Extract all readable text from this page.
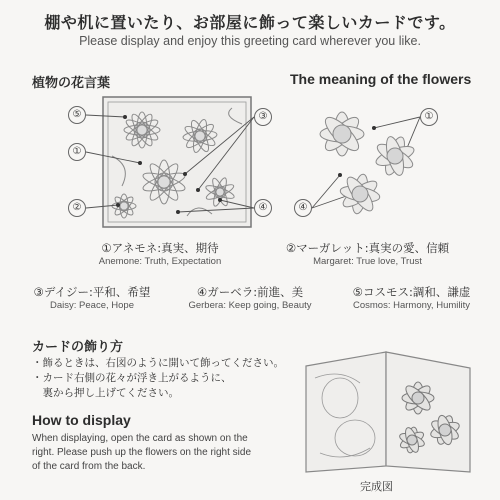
棚や机に置いたり、お部屋に飾って楽しいカードです。
Please display and enjoy this greeting card wherever you like.
植物の花言葉	The meaning of the flowers
⑤
①
②
③
④
①
④
①アネモネ:真実、期待
Anemone: Truth, Expectation
②マーガレット:真実の愛、信頼
Margaret: True love, Trust
③デイジー:平和、希望
Daisy: Peace, Hope
④ガーベラ:前進、美
Gerbera: Keep going, Beauty
⑤コスモス:調和、謙虚
Cosmos: Harmony, Humility
カードの飾り方
・飾るときは、右図のように開いて飾ってください。
・カード右側の花々が浮き上がるように、
　裏から押し上げてください。
How to display
When displaying, open the card as shown on the
right. Please push up the flowers on the right side
of the card from the back.
完成図
